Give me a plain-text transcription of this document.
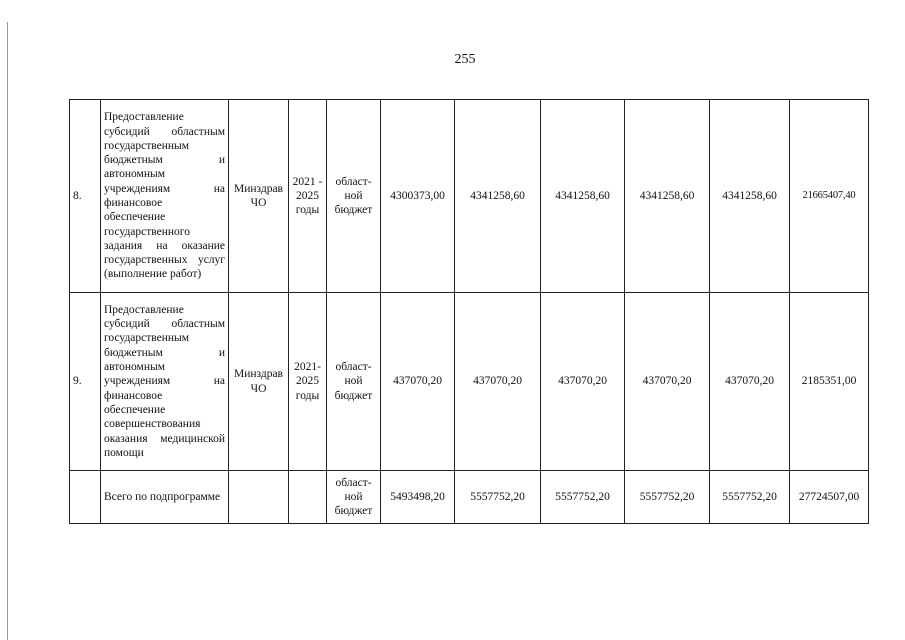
255
8.	Предоставление субсидий областным государственным бюджетным и автономным учреждениям на финансовое обеспечение государственного задания на оказание государственных услуг (выполнение работ)	Минздрав ЧО	2021 - 2025 годы	област-ной бюджет	4300373,00	4341258,60	4341258,60	4341258,60	4341258,60	21665407,40
9.	Предоставление субсидий областным государственным бюджетным и автономным учреждениям на финансовое обеспечение совершенствования оказания медицинской помощи	Минздрав ЧО	2021-2025 годы	област-ной бюджет	437070,20	437070,20	437070,20	437070,20	437070,20	2185351,00
	Всего по подпрограмме			област-ной бюджет	5493498,20	5557752,20	5557752,20	5557752,20	5557752,20	27724507,00
